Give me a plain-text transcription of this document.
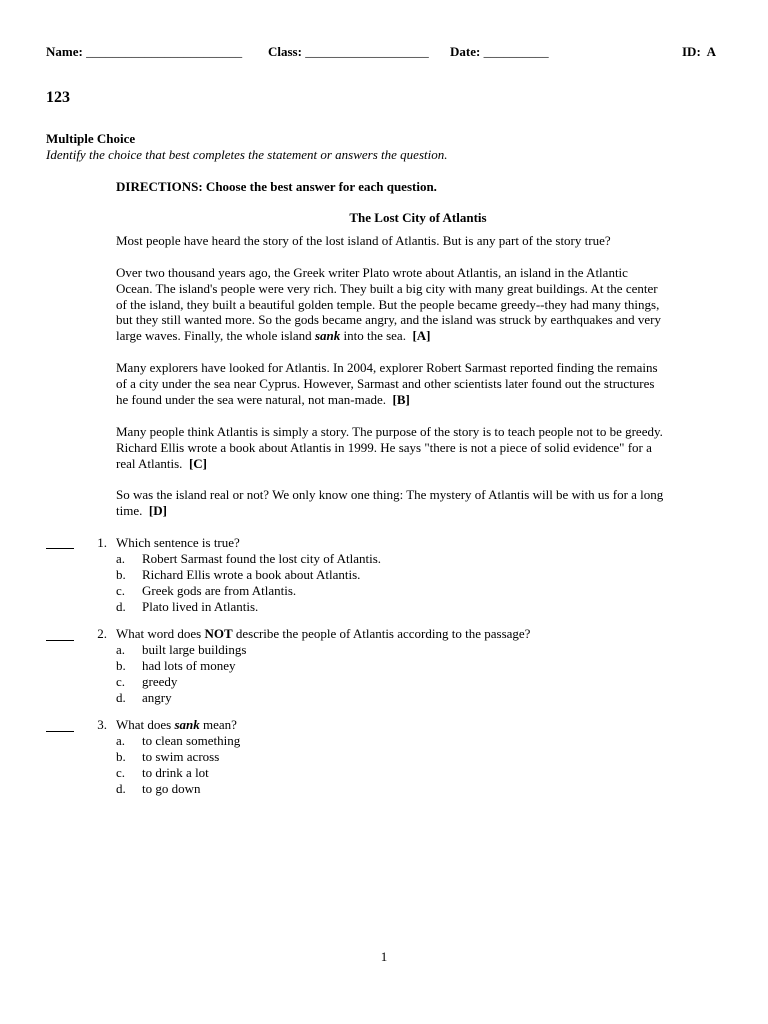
Name: ________________________ Class: ___________________ Date: __________	ID: A
123
Multiple Choice
Identify the choice that best completes the statement or answers the question.
DIRECTIONS: Choose the best answer for each question.
The Lost City of Atlantis
Most people have heard the story of the lost island of Atlantis. But is any part of the story true?
Over two thousand years ago, the Greek writer Plato wrote about Atlantis, an island in the Atlantic
Ocean. The island's people were very rich. They built a big city with many great buildings. At the center
of the island, they built a beautiful golden temple. But the people became greedy--they had many things,
but they still wanted more. So the gods became angry, and the island was struck by earthquakes and very
large waves. Finally, the whole island sank into the sea. [A]
Many explorers have looked for Atlantis. In 2004, explorer Robert Sarmast reported finding the remains
of a city under the sea near Cyprus. However, Sarmast and other scientists later found out the structures
he found under the sea were natural, not man-made. [B]
Many people think Atlantis is simply a story. The purpose of the story is to teach people not to be greedy.
Richard Ellis wrote a book about Atlantis in 1999. He says "there is not a piece of solid evidence" for a
real Atlantis. [C]
So was the island real or not? We only know one thing: The mystery of Atlantis will be with us for a long
time. [D]
1. Which sentence is true?
a. Robert Sarmast found the lost city of Atlantis.
b. Richard Ellis wrote a book about Atlantis.
c. Greek gods are from Atlantis.
d. Plato lived in Atlantis.
2. What word does NOT describe the people of Atlantis according to the passage?
a. built large buildings
b. had lots of money
c. greedy
d. angry
3. What does sank mean?
a. to clean something
b. to swim across
c. to drink a lot
d. to go down
1
